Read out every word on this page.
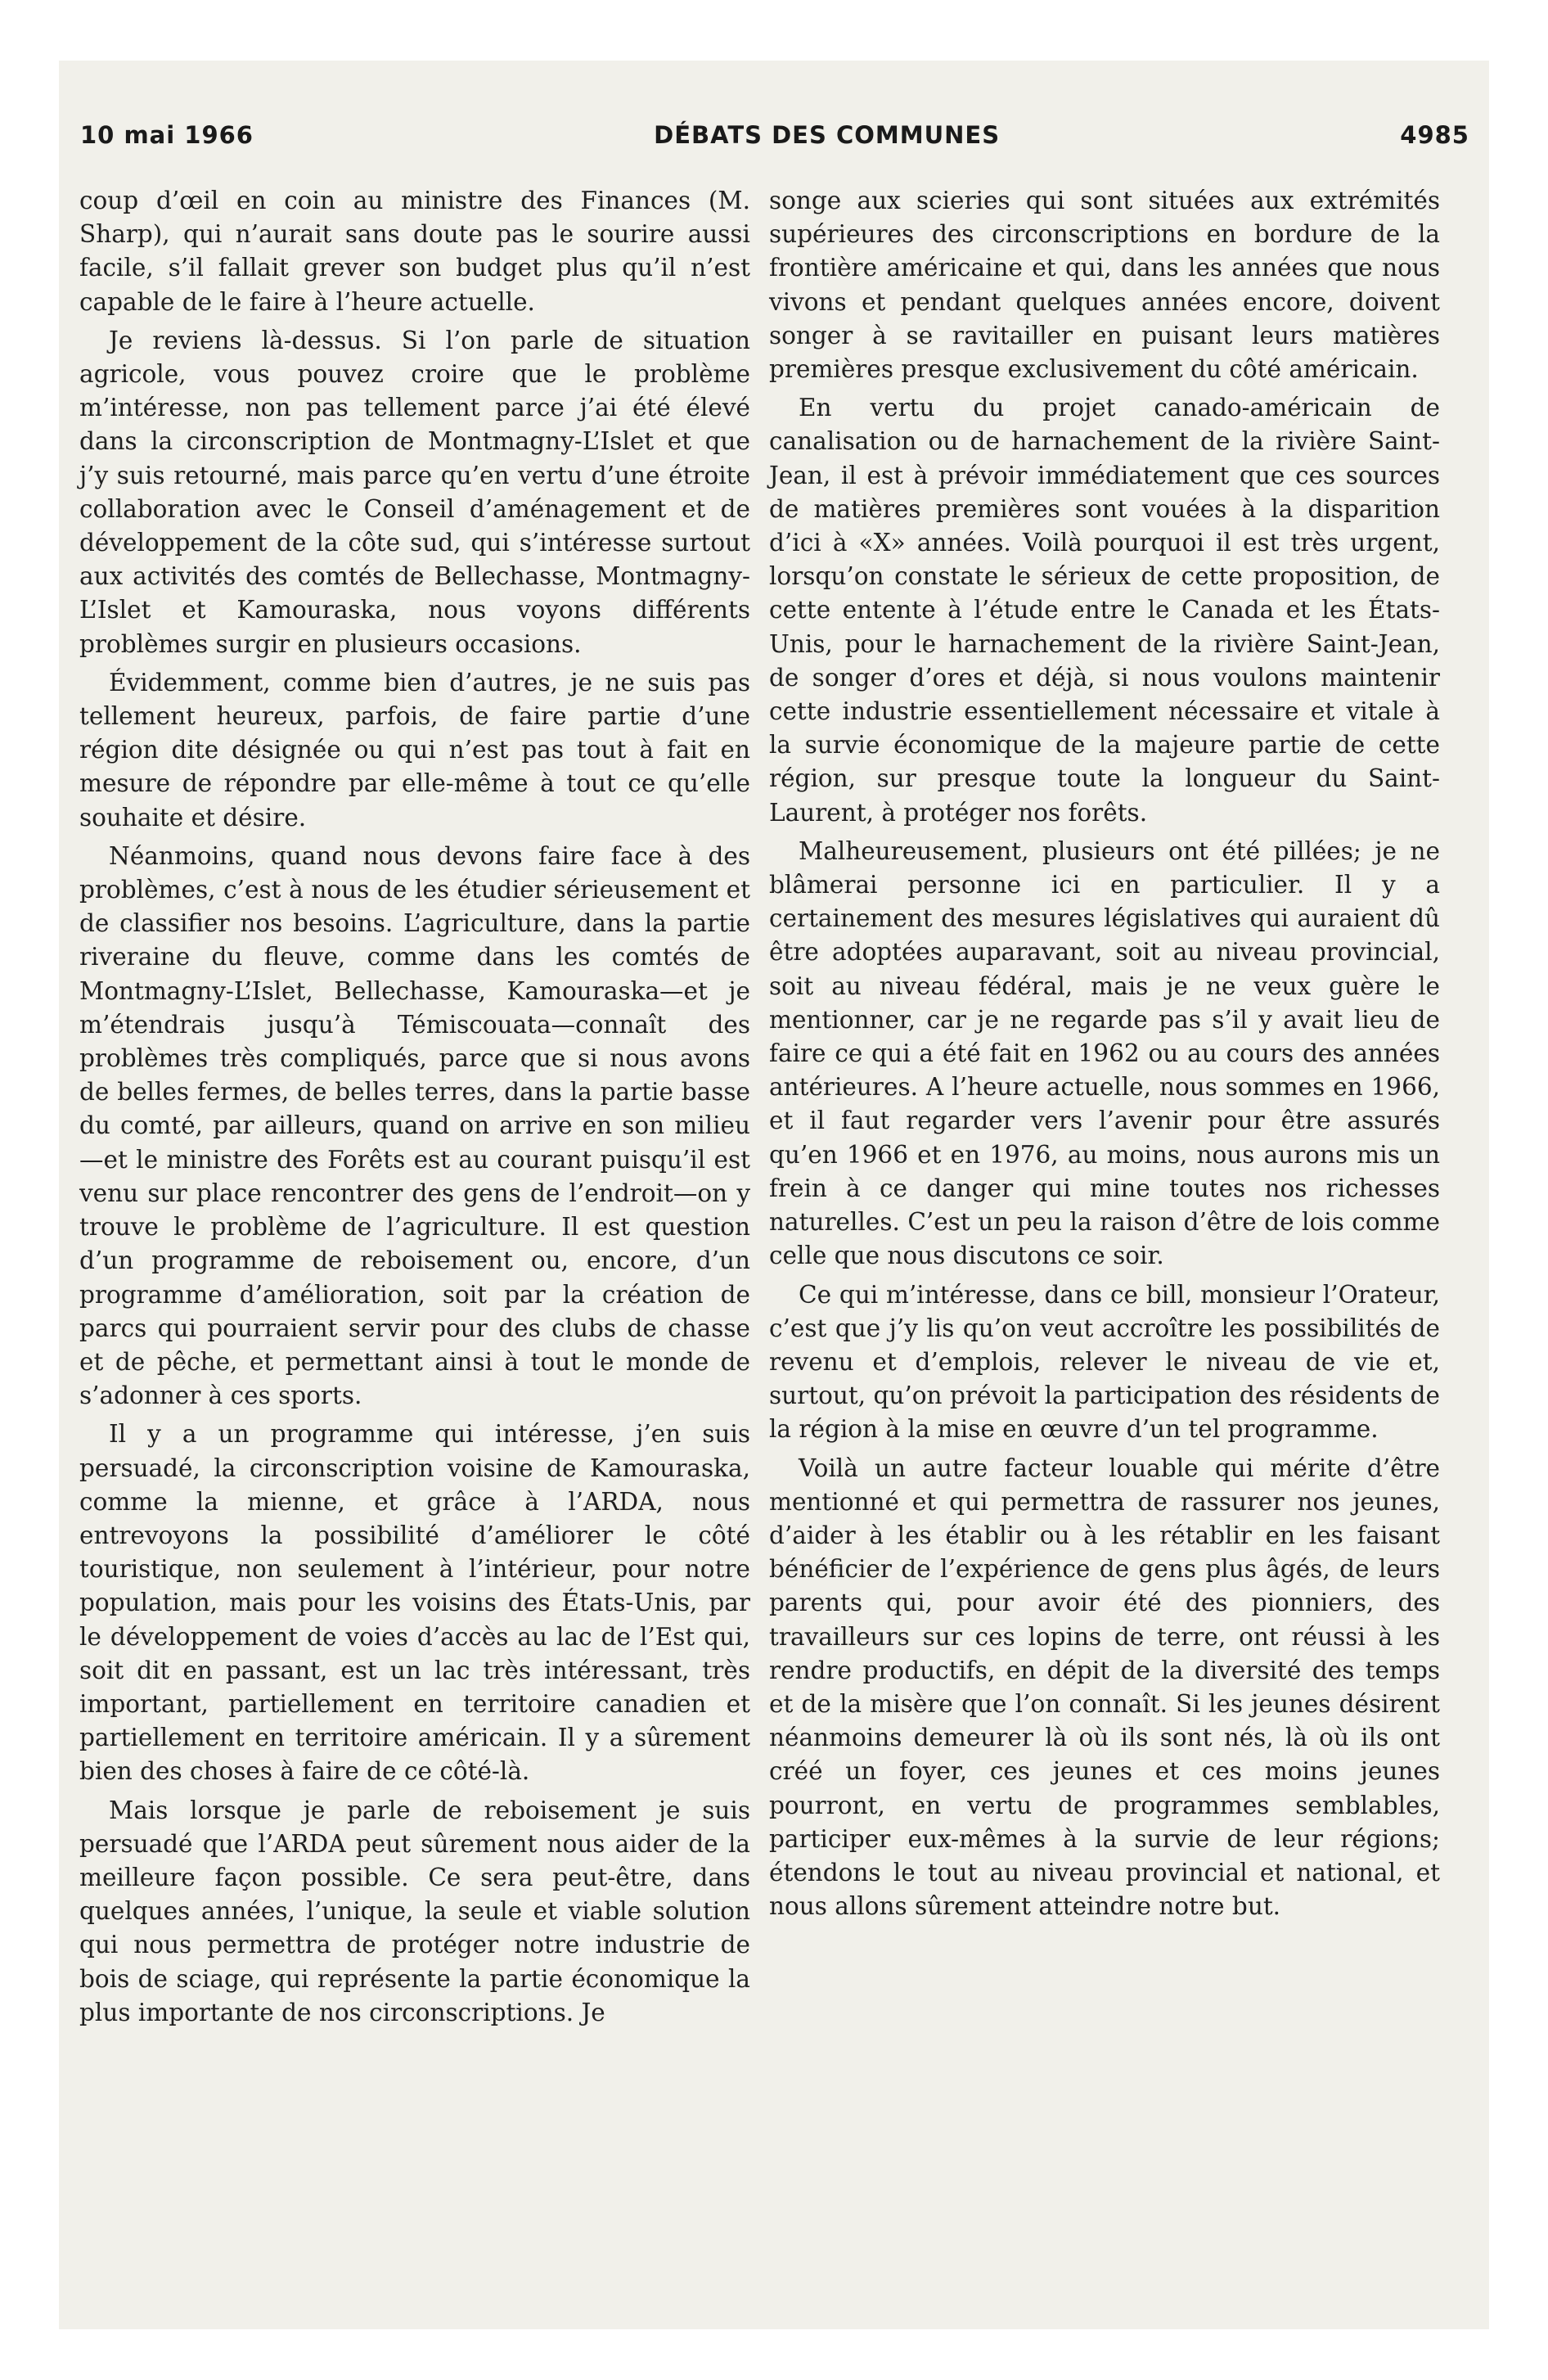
10 mai 1966	DÉBATS DES COMMUNES	4985

coup d’œil en coin au ministre des Finances (M. Sharp), qui n’aurait sans doute pas le sourire aussi facile, s’il fallait grever son budget plus qu’il n’est capable de le faire à l’heure actuelle.

Je reviens là-dessus. Si l’on parle de situation agricole, vous pouvez croire que le problème m’intéresse, non pas tellement parce j’ai été élevé dans la circonscription de Montmagny-L’Islet et que j’y suis retourné, mais parce qu’en vertu d’une étroite collaboration avec le Conseil d’aménagement et de développement de la côte sud, qui s’intéresse surtout aux activités des comtés de Bellechasse, Montmagny-L’Islet et Kamouraska, nous voyons différents problèmes surgir en plusieurs occasions.

Évidemment, comme bien d’autres, je ne suis pas tellement heureux, parfois, de faire partie d’une région dite désignée ou qui n’est pas tout à fait en mesure de répondre par elle-même à tout ce qu’elle souhaite et désire.

Néanmoins, quand nous devons faire face à des problèmes, c’est à nous de les étudier sérieusement et de classifier nos besoins. L’agriculture, dans la partie riveraine du fleuve, comme dans les comtés de Montmagny-L’Islet, Bellechasse, Kamouraska—et je m’étendrais jusqu’à Témiscouata—connaît des problèmes très compliqués, parce que si nous avons de belles fermes, de belles terres, dans la partie basse du comté, par ailleurs, quand on arrive en son milieu—et le ministre des Forêts est au courant puisqu’il est venu sur place rencontrer des gens de l’endroit—on y trouve le problème de l’agriculture. Il est question d’un programme de reboisement ou, encore, d’un programme d’amélioration, soit par la création de parcs qui pourraient servir pour des clubs de chasse et de pêche, et permettant ainsi à tout le monde de s’adonner à ces sports.

Il y a un programme qui intéresse, j’en suis persuadé, la circonscription voisine de Kamouraska, comme la mienne, et grâce à l’ARDA, nous entrevoyons la possibilité d’améliorer le côté touristique, non seulement à l’intérieur, pour notre population, mais pour les voisins des États-Unis, par le développement de voies d’accès au lac de l’Est qui, soit dit en passant, est un lac très intéressant, très important, partiellement en territoire canadien et partiellement en territoire américain. Il y a sûrement bien des choses à faire de ce côté-là.

Mais lorsque je parle de reboisement je suis persuadé que l’ARDA peut sûrement nous aider de la meilleure façon possible. Ce sera peut-être, dans quelques années, l’unique, la seule et viable solution qui nous permettra de protéger notre industrie de bois de sciage, qui représente la partie économique la plus importante de nos circonscriptions. Je

songe aux scieries qui sont situées aux extrémités supérieures des circonscriptions en bordure de la frontière américaine et qui, dans les années que nous vivons et pendant quelques années encore, doivent songer à se ravitailler en puisant leurs matières premières presque exclusivement du côté américain.

En vertu du projet canado-américain de canalisation ou de harnachement de la rivière Saint-Jean, il est à prévoir immédiatement que ces sources de matières premières sont vouées à la disparition d’ici à «X» années. Voilà pourquoi il est très urgent, lorsqu’on constate le sérieux de cette proposition, de cette entente à l’étude entre le Canada et les États-Unis, pour le harnachement de la rivière Saint-Jean, de songer d’ores et déjà, si nous voulons maintenir cette industrie essentiellement nécessaire et vitale à la survie économique de la majeure partie de cette région, sur presque toute la longueur du Saint-Laurent, à protéger nos forêts.

Malheureusement, plusieurs ont été pillées; je ne blâmerai personne ici en particulier. Il y a certainement des mesures législatives qui auraient dû être adoptées auparavant, soit au niveau provincial, soit au niveau fédéral, mais je ne veux guère le mentionner, car je ne regarde pas s’il y avait lieu de faire ce qui a été fait en 1962 ou au cours des années antérieures. A l’heure actuelle, nous sommes en 1966, et il faut regarder vers l’avenir pour être assurés qu’en 1966 et en 1976, au moins, nous aurons mis un frein à ce danger qui mine toutes nos richesses naturelles. C’est un peu la raison d’être de lois comme celle que nous discutons ce soir.

Ce qui m’intéresse, dans ce bill, monsieur l’Orateur, c’est que j’y lis qu’on veut accroître les possibilités de revenu et d’emplois, relever le niveau de vie et, surtout, qu’on prévoit la participation des résidents de la région à la mise en œuvre d’un tel programme.

Voilà un autre facteur louable qui mérite d’être mentionné et qui permettra de rassurer nos jeunes, d’aider à les établir ou à les rétablir en les faisant bénéficier de l’expérience de gens plus âgés, de leurs parents qui, pour avoir été des pionniers, des travailleurs sur ces lopins de terre, ont réussi à les rendre productifs, en dépit de la diversité des temps et de la misère que l’on connaît. Si les jeunes désirent néanmoins demeurer là où ils sont nés, là où ils ont créé un foyer, ces jeunes et ces moins jeunes pourront, en vertu de programmes semblables, participer eux-mêmes à la survie de leur régions; étendons le tout au niveau provincial et national, et nous allons sûrement atteindre notre but.
